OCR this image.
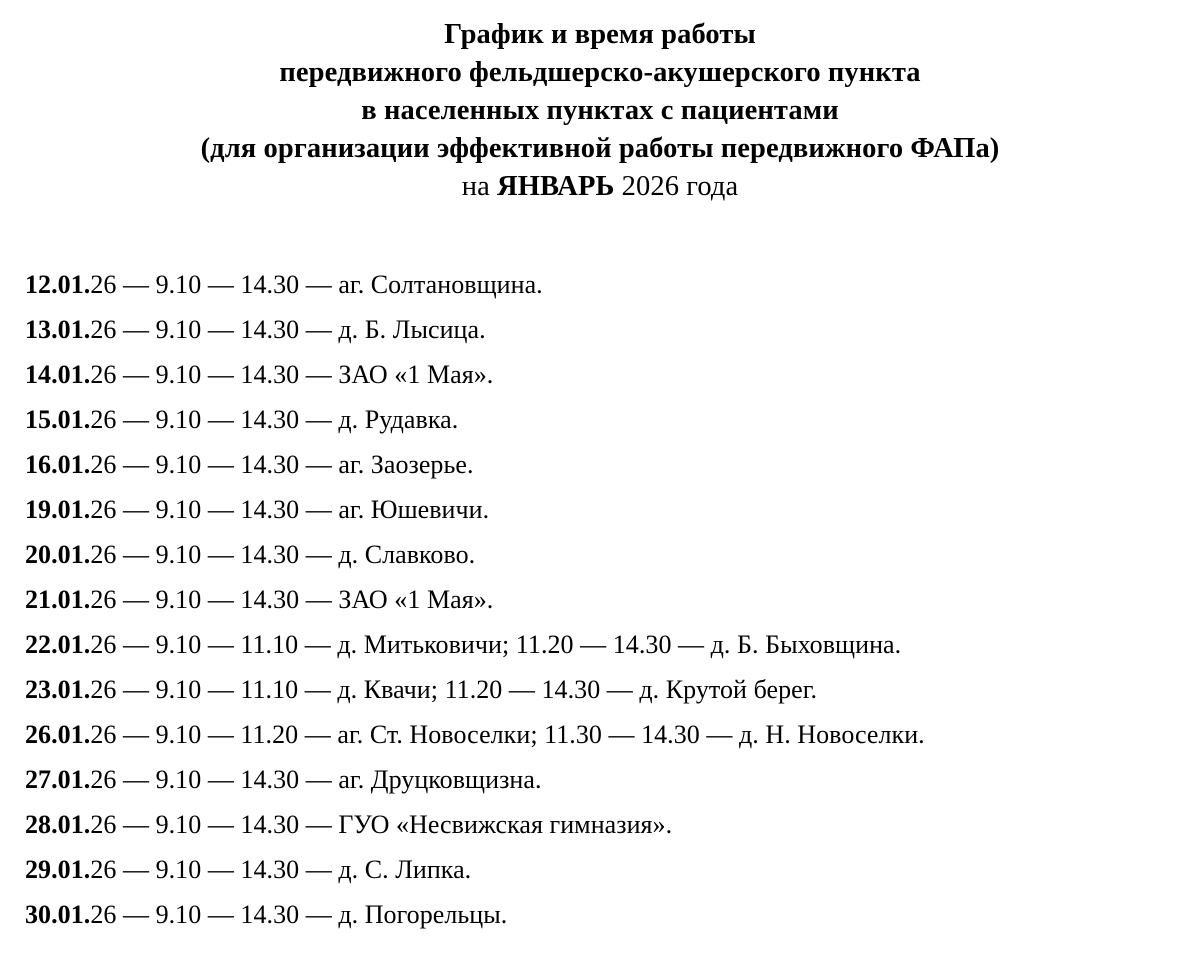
График и время работы
передвижного фельдшерско-акушерского пункта
в населенных пунктах с пациентами
(для организации эффективной работы передвижного ФАПа)
на ЯНВАРЬ 2026 года
12.01.26 — 9.10 — 14.30 — аг. Солтановщина.
13.01.26 — 9.10 — 14.30 — д. Б. Лысица.
14.01.26 — 9.10 — 14.30 — ЗАО «1 Мая».
15.01.26 — 9.10 — 14.30 — д. Рудавка.
16.01.26 — 9.10 — 14.30 — аг. Заозерье.
19.01.26 — 9.10 — 14.30 — аг. Юшевичи.
20.01.26 — 9.10 — 14.30 — д. Славково.
21.01.26 — 9.10 — 14.30 — ЗАО «1 Мая».
22.01.26 — 9.10 — 11.10 — д. Митьковичи; 11.20 — 14.30 — д. Б. Быховщина.
23.01.26 — 9.10 — 11.10 — д. Квачи; 11.20 — 14.30 — д. Крутой берег.
26.01.26 — 9.10 — 11.20 — аг. Ст. Новоселки; 11.30 — 14.30 — д. Н. Новоселки.
27.01.26 — 9.10 — 14.30 — аг. Друцковщизна.
28.01.26 — 9.10 — 14.30 — ГУО «Несвижская гимназия».
29.01.26 — 9.10 — 14.30 — д. С. Липка.
30.01.26 — 9.10 — 14.30 — д. Погорельцы.
